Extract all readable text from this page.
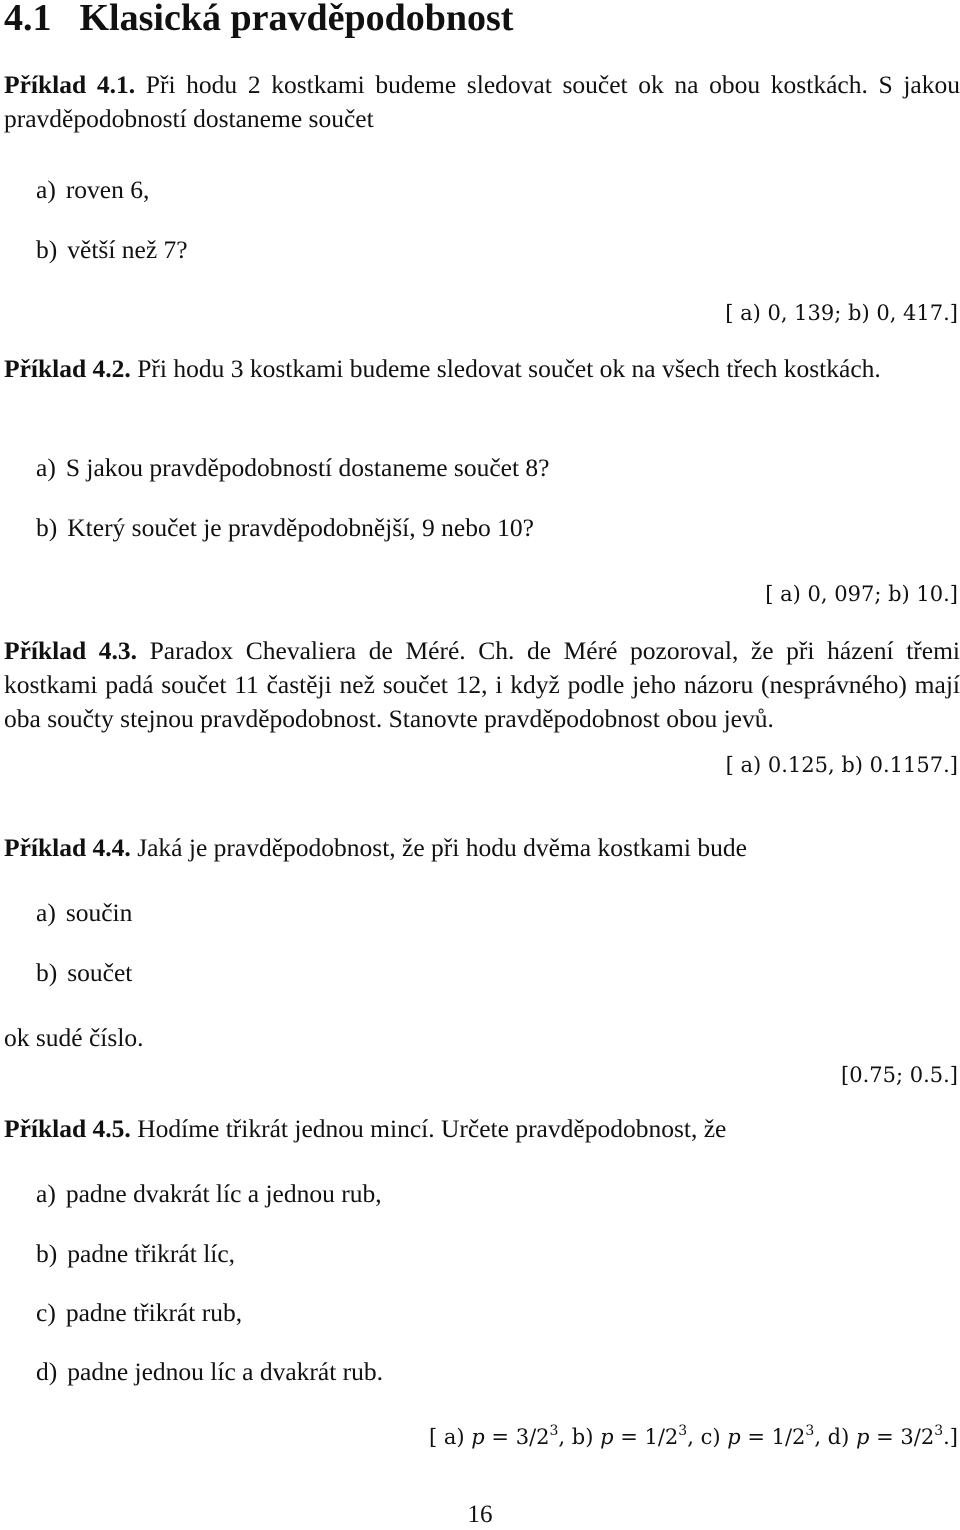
4.1 Klasická pravděpodobnost

Příklad 4.1. Při hodu 2 kostkami budeme sledovat součet ok na obou kostkách. S jakou pravděpodobností dostaneme součet

a) roven 6,

b) větší než 7?

[ a) 0, 139; b) 0, 417.]

Příklad 4.2. Při hodu 3 kostkami budeme sledovat součet ok na všech třech kostkách.

a) S jakou pravděpodobností dostaneme součet 8?

b) Který součet je pravděpodobnější, 9 nebo 10?

[ a) 0, 097; b) 10.]

Příklad 4.3. Paradox Chevaliera de Méré. Ch. de Méré pozoroval, že při házení třemi kostkami padá součet 11 častěji než součet 12, i když podle jeho názoru (nesprávného) mají oba součty stejnou pravděpodobnost. Stanovte pravděpodobnost obou jevů.

[ a) 0.125, b) 0.1157.]

Příklad 4.4. Jaká je pravděpodobnost, že při hodu dvěma kostkami bude

a) součin

b) součet

ok sudé číslo.

[0.75; 0.5.]

Příklad 4.5. Hodíme třikrát jednou mincí. Určete pravděpodobnost, že

a) padne dvakrát líc a jednou rub,

b) padne třikrát líc,

c) padne třikrát rub,

d) padne jednou líc a dvakrát rub.

[ a) $p = 3/2^3$, b) $p = 1/2^3$, c) $p = 1/2^3$, d) $p = 3/2^3$.]

16
